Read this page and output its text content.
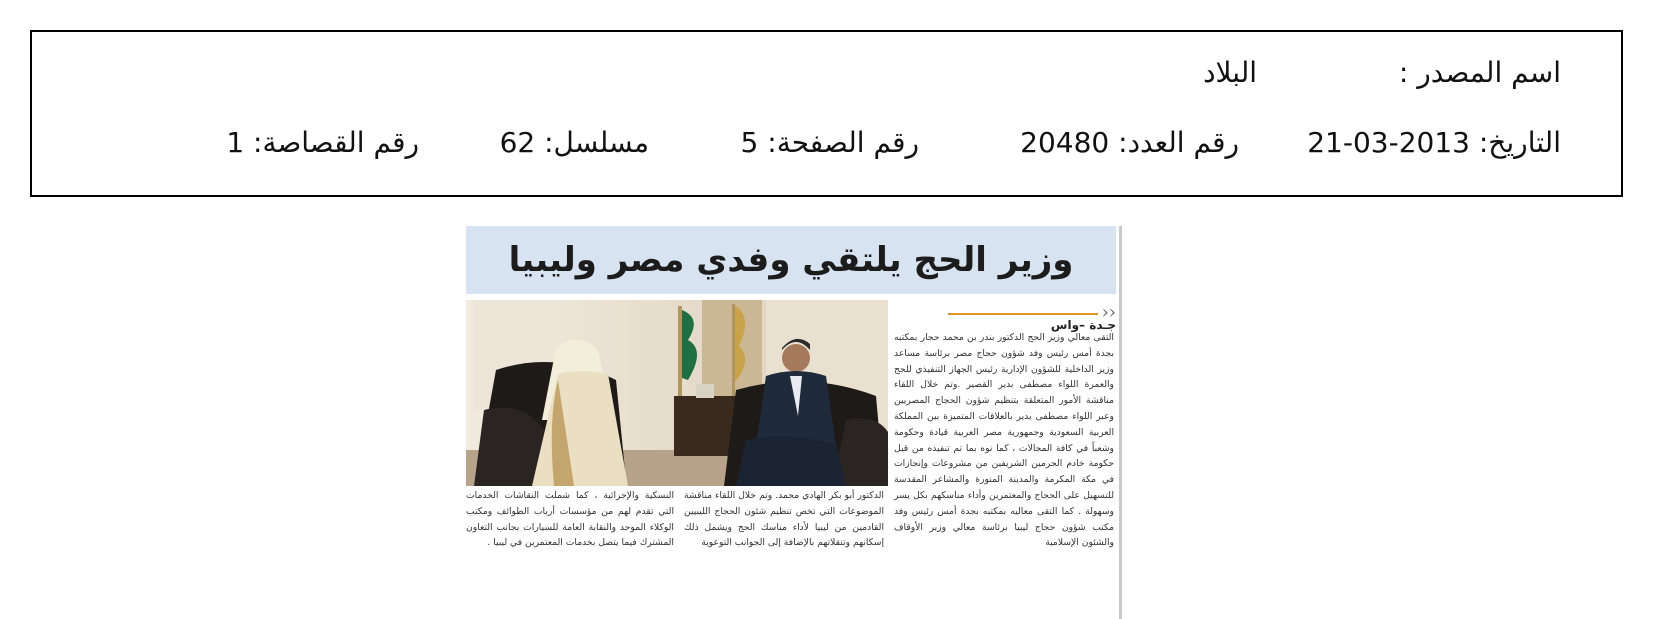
اسم المصدر :
البلاد
التاريخ: 2013-03-21
رقم العدد: 20480
رقم الصفحة: 5
مسلسل: 62
رقم القصاصة: 1
وزير الحج يلتقي وفدي مصر وليبيا
‹‹
جـدة –واس

التقى معالي وزير الحج الدكتور بندر بن محمد حجار بمكتبه بجدة أمس رئيس وفد شؤون حجاج مصر برئاسة مساعد وزير الداخلية للشؤون الإدارية رئيس الجهاز التنفيذي للحج والعمرة اللواء مصطفى بدير القصير .وتم خلال اللقاء مناقشة الأمور المتعلقة بتنظيم شؤون الحجاج المصريين وعبر اللواء مصطفى بدير بالعلاقات المتميزة بين المملكة العربية السعودية وجمهورية مصر العربية قيادة وحكومة وشعباً في كافة المجالات ، كما نوه بما تم تنفيذه من قبل حكومة خادم الحرمين الشريفين من مشروعات وإنجازات في مكة المكرمة والمدينة المنورة والمشاعر المقدسة للتسهيل على الحجاج والمعتمرين وأداء مناسكهم بكل يسر وسهولة . كما التقى معاليه بمكتبه بجدة أمس رئيس وفد مكتب شؤون حجاج ليبيا برئاسة معالي وزير الأوقاف والشئون الإسلامية

الدكتور أبو بكر الهادي محمد. وتم خلال اللقاء مناقشة الموضوعات التي تخص تنظيم شئون الحجاج الليبيين القادمين من ليبيا لأداء مناسك الحج ويشمل ذلك إسكانهم وتنقلاتهم بالإضافة إلى الجوانب التوعوية

النسكية والإجرائية ، كما شملت النقاشات الخدمات التي تقدم لهم من مؤسسات أرباب الطوائف ومكتب الوكلاء الموحد والنقابة العامة للسيارات بجانب التعاون المشترك فيما يتصل بخدمات المعتمرين في ليبيا .
